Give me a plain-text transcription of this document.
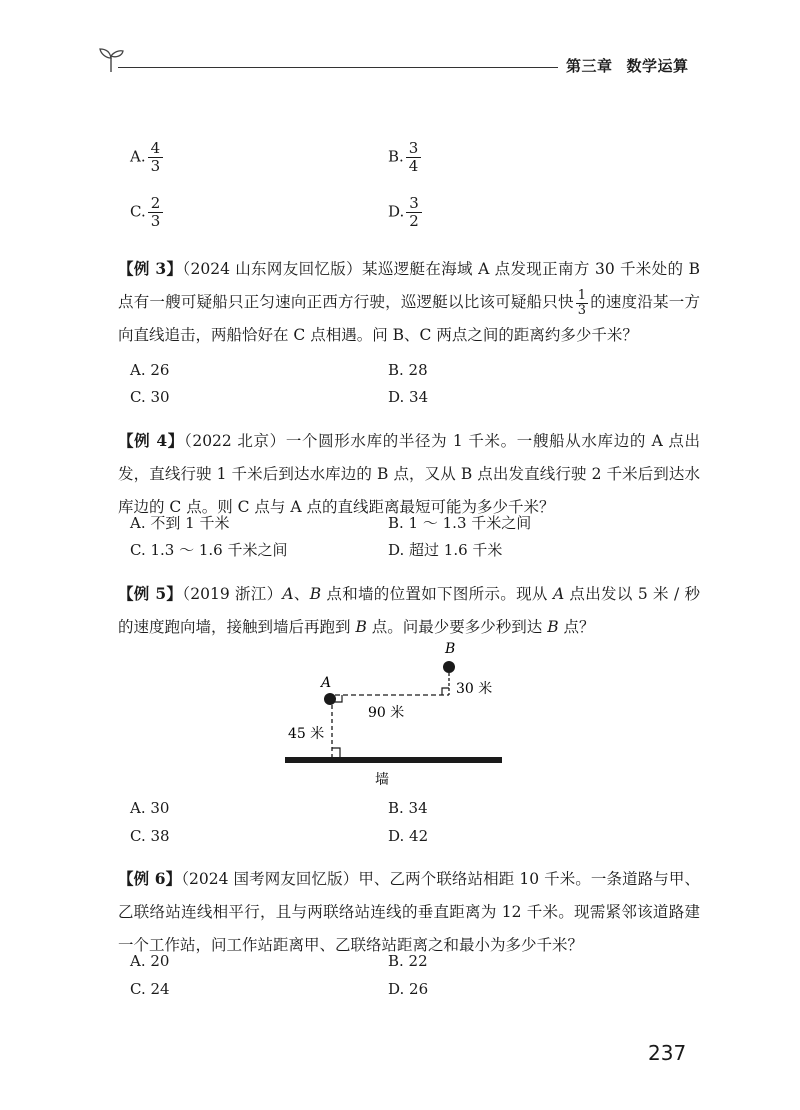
第三章 数学运算
A. $\frac{4}{3}$	B. $\frac{3}{4}$
C. $\frac{2}{3}$	D. $\frac{3}{2}$
【例 3】（2024 山东网友回忆版）某巡逻艇在海域 A 点发现正南方 30 千米处的 B 点有一艘可疑船只正匀速向正西方行驶，巡逻艇以比该可疑船只快 $\frac{1}{3}$ 的速度沿某一方向直线追击，两船恰好在 C 点相遇。问 B、C 两点之间的距离约多少千米？
A. 26	B. 28
C. 30	D. 34
【例 4】（2022 北京）一个圆形水库的半径为 1 千米。一艘船从水库边的 A 点出发，直线行驶 1 千米后到达水库边的 B 点，又从 B 点出发直线行驶 2 千米后到达水库边的 C 点。则 C 点与 A 点的直线距离最短可能为多少千米？
A. 不到 1 千米	B. 1 ～ 1.3 千米之间
C. 1.3 ～ 1.6 千米之间	D. 超过 1.6 千米
【例 5】（2019 浙江）A、B 点和墙的位置如下图所示。现从 A 点出发以 5 米 / 秒的速度跑向墙，接触到墙后再跑到 B 点。问最少要多少秒到达 B 点？
B
A	30 米
90 米
45 米
墙
A. 30	B. 34
C. 38	D. 42
【例 6】（2024 国考网友回忆版）甲、乙两个联络站相距 10 千米。一条道路与甲、乙联络站连线相平行，且与两联络站连线的垂直距离为 12 千米。现需紧邻该道路建一个工作站，问工作站距离甲、乙联络站距离之和最小为多少千米？
A. 20	B. 22
C. 24	D. 26
237
